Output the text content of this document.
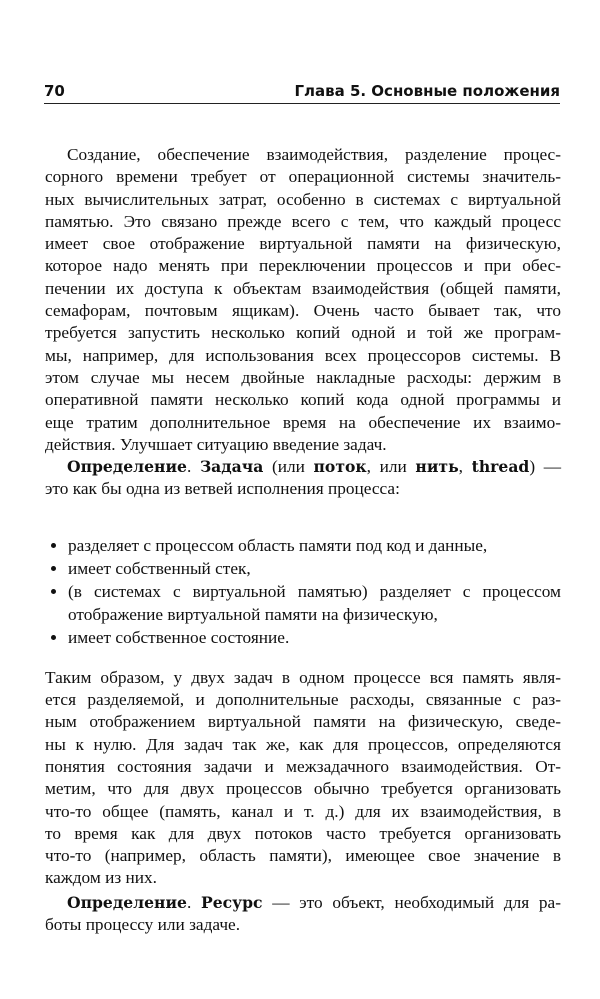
70	Глава 5. Основные положения
Создание, обеспечение взаимодействия, разделение процес-
сорного времени требует от операционной системы значитель-
ных вычислительных затрат, особенно в системах с виртуальной
памятью. Это связано прежде всего с тем, что каждый процесс
имеет свое отображение виртуальной памяти на физическую,
которое надо менять при переключении процессов и при обес-
печении их доступа к объектам взаимодействия (общей памяти,
семафорам, почтовым ящикам). Очень часто бывает так, что
требуется запустить несколько копий одной и той же програм-
мы, например, для использования всех процессоров системы. В
этом случае мы несем двойные накладные расходы: держим в
оперативной памяти несколько копий кода одной программы и
еще тратим дополнительное время на обеспечение их взаимо-
действия. Улучшает ситуацию введение задач.
Определение. Задача (или поток, или нить, thread) —
это как бы одна из ветвей исполнения процесса:
разделяет с процессом область памяти под код и данные,
имеет собственный стек,
(в системах с виртуальной памятью) разделяет с процессом
отображение виртуальной памяти на физическую,
имеет собственное состояние.
Таким образом, у двух задач в одном процессе вся память явля-
ется разделяемой, и дополнительные расходы, связанные с раз-
ным отображением виртуальной памяти на физическую, сведе-
ны к нулю. Для задач так же, как для процессов, определяются
понятия состояния задачи и межзадачного взаимодействия. От-
метим, что для двух процессов обычно требуется организовать
что-то общее (память, канал и т. д.) для их взаимодействия, в
то время как для двух потоков часто требуется организовать
что-то (например, область памяти), имеющее свое значение в
каждом из них.
Определение. Ресурс — это объект, необходимый для ра-
боты процессу или задаче.
